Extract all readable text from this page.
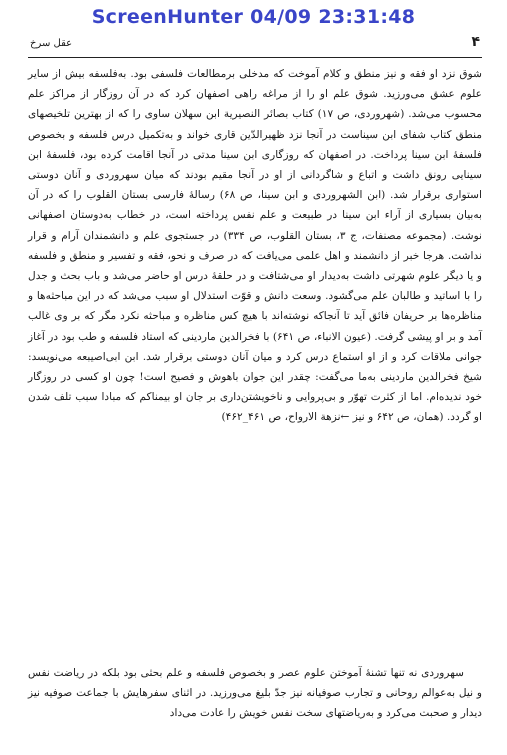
ScreenHunter 04/09 23:31:48
۴
عقل سرخ
شوق نزد او فقه و نیز منطق و کلام آموخت که مدخلی برمطالعات فلسفی بود. به‌فلسفه بیش از سایر علوم عشق می‌ورزید. شوق علم او را از مراغه راهی اصفهان کرد که در آن روزگار از مراکز علم محسوب می‌شد. (شهروردی، ص ۱۷) کتاب بصائر النصیریة ابن سهلان ساوی را که از بهترین تلخیصهای منطق کتاب شفای ابن سیناست در آنجا نزد ظهیرالدّین قاری خواند و به‌تکمیل درس فلسفه و بخصوص فلسفهٔ ابن سینا پرداخت. در اصفهان که روزگاری ابن سینا مدتی در آنجا اقامت کرده بود، فلسفهٔ ابن سینایی رونق داشت و اتباع و شاگردانی از او در آنجا مقیم بودند که میان سهروردی و آنان دوستی استواری برقرار شد. (ابن الشهروردی و ابن سینا، ص ۶۸) رسالهٔ فارسی بستان القلوب را که در آن به‌بیان بسیاری از آراء ابن سینا در طبیعت و علم نفس پرداخته است، در خطاب به‌دوستان اصفهانی نوشت. (مجموعه مصنفات، ج ۳، بستان القلوب، ص ۳۳۴) در جستجوی علم و دانشمندان آرام و قرار نداشت. هرجا خبر از دانشمند و اهل علمی می‌یافت که در صرف و نحو، فقه و تفسیر و منطق و فلسفه و یا دیگر علوم شهرتی داشت به‌دیدار او می‌شتافت و در حلقهٔ درس او حاضر می‌شد و باب بحث و جدل را با اساتید و طالبان علم می‌گشود. وسعت دانش و قوّت استدلال او سبب می‌شد که در این مباحثه‌ها و مناظره‌ها بر حریفان فائق آید تا آنجاکه نوشته‌اند با هیچ کس مناظره و مباحثه نکرد مگر که بر وی غالب آمد و بر او پیشی گرفت. (عیون الانباء، ص ۶۴۱) با فخرالدین ماردینی که استاد فلسفه و طب بود در آغاز جوانی ملاقات کرد و از او استماع درس کرد و میان آنان دوستی برقرار شد. ابن ابی‌اصیبعه می‌نویسد: شیخ فخرالدین ماردینی به‌ما می‌گفت: چقدر این جوان باهوش و فصیح است! چون او کسی در روزگار خود ندیده‌ام. اما از کثرت تهوّر و بی‌پروایی و ناخویشتن‌داری بر جان او بیمناکم که مبادا سبب تلف شدن او گردد. (همان، ص ۶۴۲ و نیز ←نزهة الارواح، ص ۴۶۱_۴۶۲)
سهروردی نه تنها تشنهٔ آموختن علوم عصر و بخصوص فلسفه و علم بحثی بود بلکه در ریاضت نفس و نیل به‌عوالم روحانی و تجارب صوفیانه نیز جدّ بلیغ می‌ورزید. در اثنای سفرهایش با جماعت صوفیه نیز دیدار و صحبت می‌کرد و به‌ریاضتهای سخت نفس خویش را عادت می‌داد
